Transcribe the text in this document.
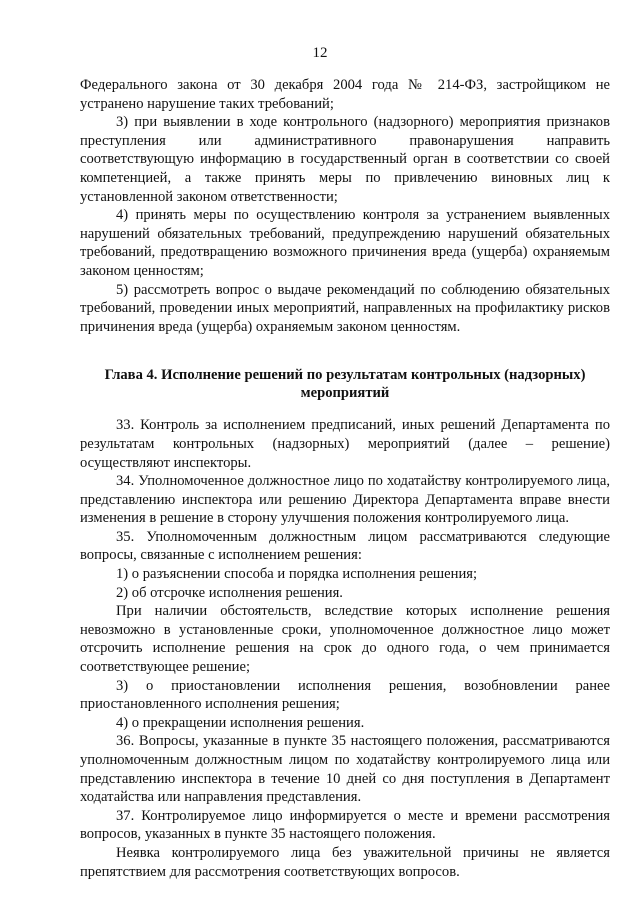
12

Федерального закона от 30 декабря 2004 года № 214-ФЗ, застройщиком не устранено нарушение таких требований;

3) при выявлении в ходе контрольного (надзорного) мероприятия признаков преступления или административного правонарушения направить соответствующую информацию в государственный орган в соответствии со своей компетенцией, а также принять меры по привлечению виновных лиц к установленной законом ответственности;

4) принять меры по осуществлению контроля за устранением выявленных нарушений обязательных требований, предупреждению нарушений обязательных требований, предотвращению возможного причинения вреда (ущерба) охраняемым законом ценностям;

5) рассмотреть вопрос о выдаче рекомендаций по соблюдению обязательных требований, проведении иных мероприятий, направленных на профилактику рисков причинения вреда (ущерба) охраняемым законом ценностям.

Глава 4. Исполнение решений по результатам контрольных (надзорных) мероприятий

33. Контроль за исполнением предписаний, иных решений Департамента по результатам контрольных (надзорных) мероприятий (далее – решение) осуществляют инспекторы.

34. Уполномоченное должностное лицо по ходатайству контролируемого лица, представлению инспектора или решению Директора Департамента вправе внести изменения в решение в сторону улучшения положения контролируемого лица.

35. Уполномоченным должностным лицом рассматриваются следующие вопросы, связанные с исполнением решения:

1) о разъяснении способа и порядка исполнения решения;

2) об отсрочке исполнения решения.

При наличии обстоятельств, вследствие которых исполнение решения невозможно в установленные сроки, уполномоченное должностное лицо может отсрочить исполнение решения на срок до одного года, о чем принимается соответствующее решение;

3) о приостановлении исполнения решения, возобновлении ранее приостановленного исполнения решения;

4) о прекращении исполнения решения.

36. Вопросы, указанные в пункте 35 настоящего положения, рассматриваются уполномоченным должностным лицом по ходатайству контролируемого лица или представлению инспектора в течение 10 дней со дня поступления в Департамент ходатайства или направления представления.

37. Контролируемое лицо информируется о месте и времени рассмотрения вопросов, указанных в пункте 35 настоящего положения.

Неявка контролируемого лица без уважительной причины не является препятствием для рассмотрения соответствующих вопросов.
